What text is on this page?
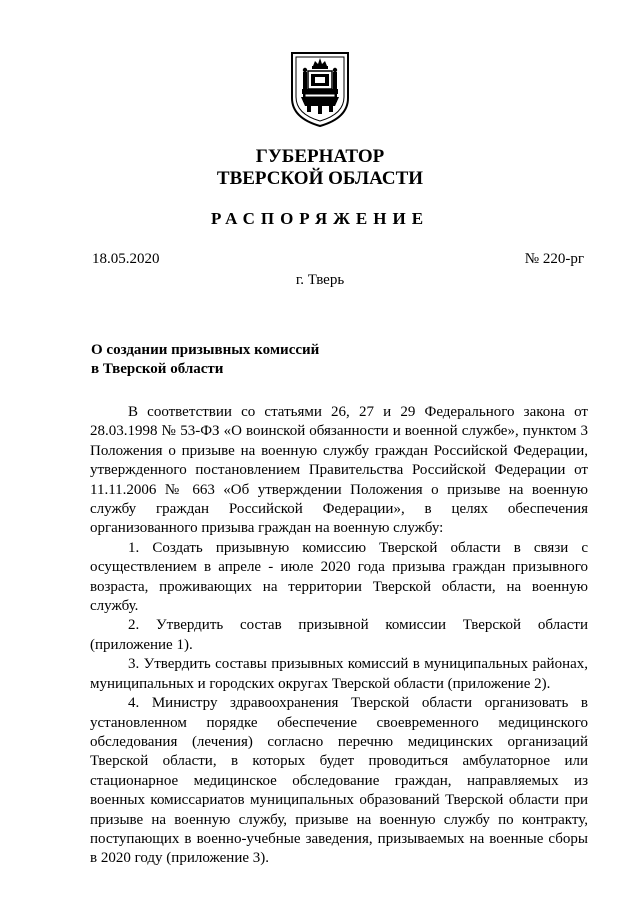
ГУБЕРНАТОР
ТВЕРСКОЙ ОБЛАСТИ
РАСПОРЯЖЕНИЕ
18.05.2020	№ 220-рг
г. Тверь
О создании призывных комиссий
в Тверской области

В соответствии со статьями 26, 27 и 29 Федерального закона от 28.03.1998 № 53-ФЗ «О воинской обязанности и военной службе», пунктом 3 Положения о призыве на военную службу граждан Российской Федерации, утвержденного постановлением Правительства Российской Федерации от 11.11.2006 № 663 «Об утверждении Положения о призыве на военную службу граждан Российской Федерации», в целях обеспечения организованного призыва граждан на военную службу:

1. Создать призывную комиссию Тверской области в связи с осуществлением в апреле - июле 2020 года призыва граждан призывного возраста, проживающих на территории Тверской области, на военную службу.

2. Утвердить состав призывной комиссии Тверской области (приложение 1).

3. Утвердить составы призывных комиссий в муниципальных районах, муниципальных и городских округах Тверской области (приложение 2).

4. Министру здравоохранения Тверской области организовать в установленном порядке обеспечение своевременного медицинского обследования (лечения) согласно перечню медицинских организаций Тверской области, в которых будет проводиться амбулаторное или стационарное медицинское обследование граждан, направляемых из военных комиссариатов муниципальных образований Тверской области при призыве на военную службу, призыве на военную службу по контракту, поступающих в военно-учебные заведения, призываемых на военные сборы в 2020 году (приложение 3).
